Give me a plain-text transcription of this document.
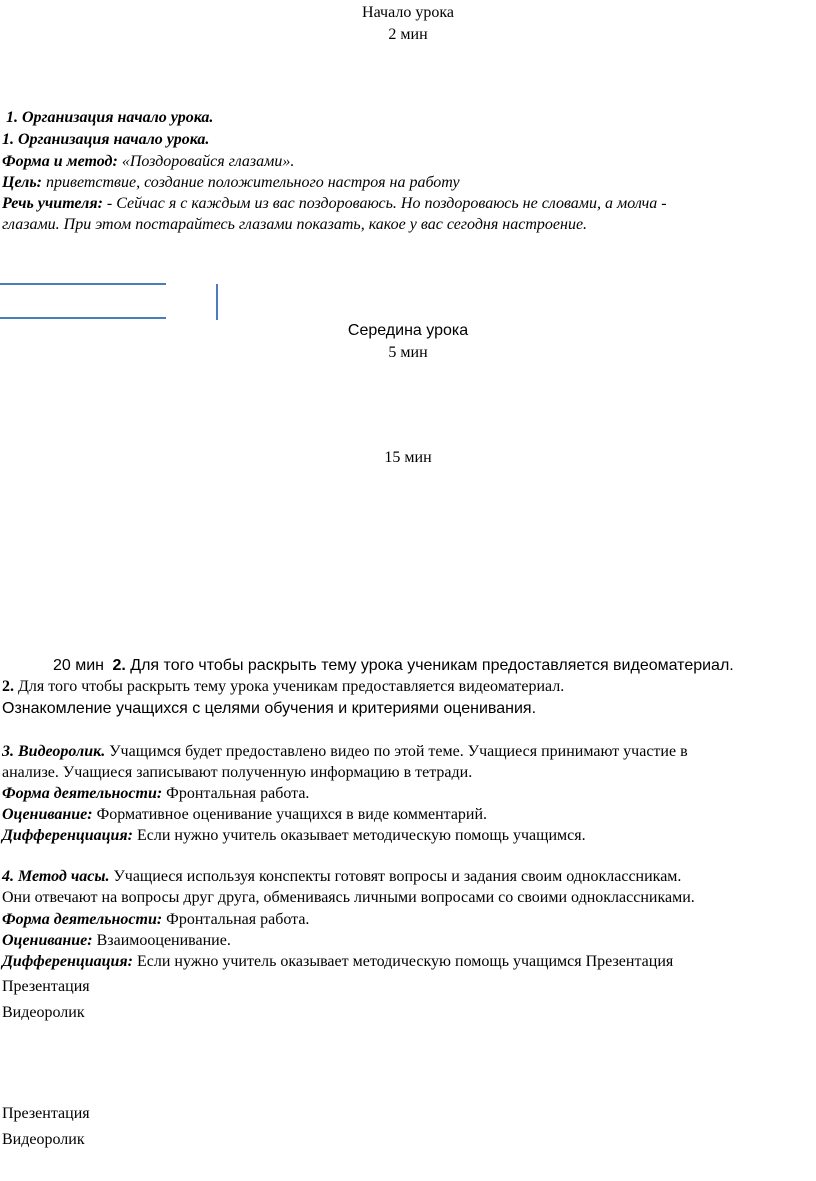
Начало урока
2 мин
1. Организация начало урока.
1. Организация начало урока.
Форма и метод: «Поздоровайся глазами».
Цель: приветствие, создание положительного настроя на работу
Речь учителя: - Сейчас я с каждым из вас поздороваюсь. Но поздороваюсь не словами, а молча -
глазами. При этом постарайтесь глазами показать, какое у вас сегодня настроение.
Середина урока
5 мин
15 мин
20 мин 2. Для того чтобы раскрыть тему урока ученикам предоставляется видеоматериал.
2. Для того чтобы раскрыть тему урока ученикам предоставляется видеоматериал.
Ознакомление учащихся с целями обучения и критериями оценивания.
3. Видеоролик. Учащимся будет предоставлено видео по этой теме. Учащиеся принимают участие в
анализе. Учащиеся записывают полученную информацию в тетради.
Форма деятельности: Фронтальная работа.
Оценивание: Формативное оценивание учащихся в виде комментарий.
Дифференциация: Если нужно учитель оказывает методическую помощь учащимся.
4. Метод часы. Учащиеся используя конспекты готовят вопросы и задания своим одноклассникам.
Они отвечают на вопросы друг друга, обмениваясь личными вопросами со своими одноклассниками.
Форма деятельности: Фронтальная работа.
Оценивание: Взаимооценивание.
Дифференциация: Если нужно учитель оказывает методическую помощь учащимся Презентация
Презентация
Видеоролик
Презентация
Видеоролик
